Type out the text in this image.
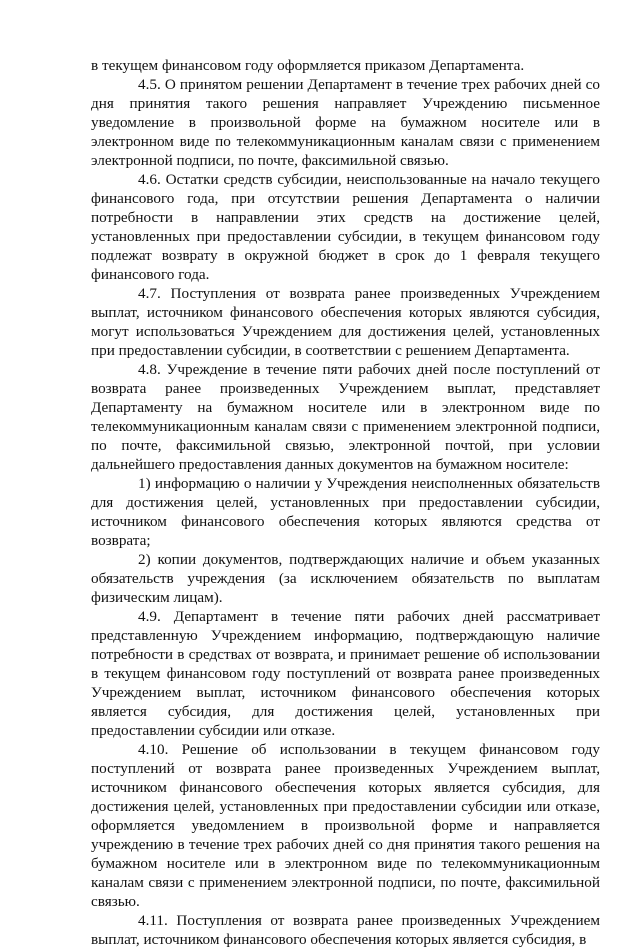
в текущем финансовом году оформляется приказом Департамента.

4.5. О принятом решении Департамент в течение трех рабочих дней со дня принятия такого решения направляет Учреждению письменное уведомление в произвольной форме на бумажном носителе или в электронном виде по телекоммуникационным каналам связи с применением электронной подписи, по почте, факсимильной связью.

4.6. Остатки средств субсидии, неиспользованные на начало текущего финансового года, при отсутствии решения Департамента о наличии потребности в направлении этих средств на достижение целей, установленных при предоставлении субсидии, в текущем финансовом году подлежат возврату в окружной бюджет в срок до 1 февраля текущего финансового года.

4.7. Поступления от возврата ранее произведенных Учреждением выплат, источником финансового обеспечения которых являются субсидия, могут использоваться Учреждением для достижения целей, установленных при предоставлении субсидии, в соответствии с решением Департамента.

4.8. Учреждение в течение пяти рабочих дней после поступлений от возврата ранее произведенных Учреждением выплат, представляет Департаменту на бумажном носителе или в электронном виде по телекоммуникационным каналам связи с применением электронной подписи, по почте, факсимильной связью, электронной почтой, при условии дальнейшего предоставления данных документов на бумажном носителе:

1) информацию о наличии у Учреждения неисполненных обязательств для достижения целей, установленных при предоставлении субсидии, источником финансового обеспечения которых являются средства от возврата;

2) копии документов, подтверждающих наличие и объем указанных обязательств учреждения (за исключением обязательств по выплатам физическим лицам).

4.9. Департамент в течение пяти рабочих дней рассматривает представленную Учреждением информацию, подтверждающую наличие потребности в средствах от возврата, и принимает решение об использовании в текущем финансовом году поступлений от возврата ранее произведенных Учреждением выплат, источником финансового обеспечения которых является субсидия, для достижения целей, установленных при предоставлении субсидии или отказе.

4.10. Решение об использовании в текущем финансовом году поступлений от возврата ранее произведенных Учреждением выплат, источником финансового обеспечения которых является субсидия, для достижения целей, установленных при предоставлении субсидии или отказе, оформляется уведомлением в произвольной форме и направляется учреждению в течение трех рабочих дней со дня принятия такого решения на бумажном носителе или в электронном виде по телекоммуникационным каналам связи с применением электронной подписи, по почте, факсимильной связью.

4.11. Поступления от возврата ранее произведенных Учреждением выплат, источником финансового обеспечения которых является субсидия, в
